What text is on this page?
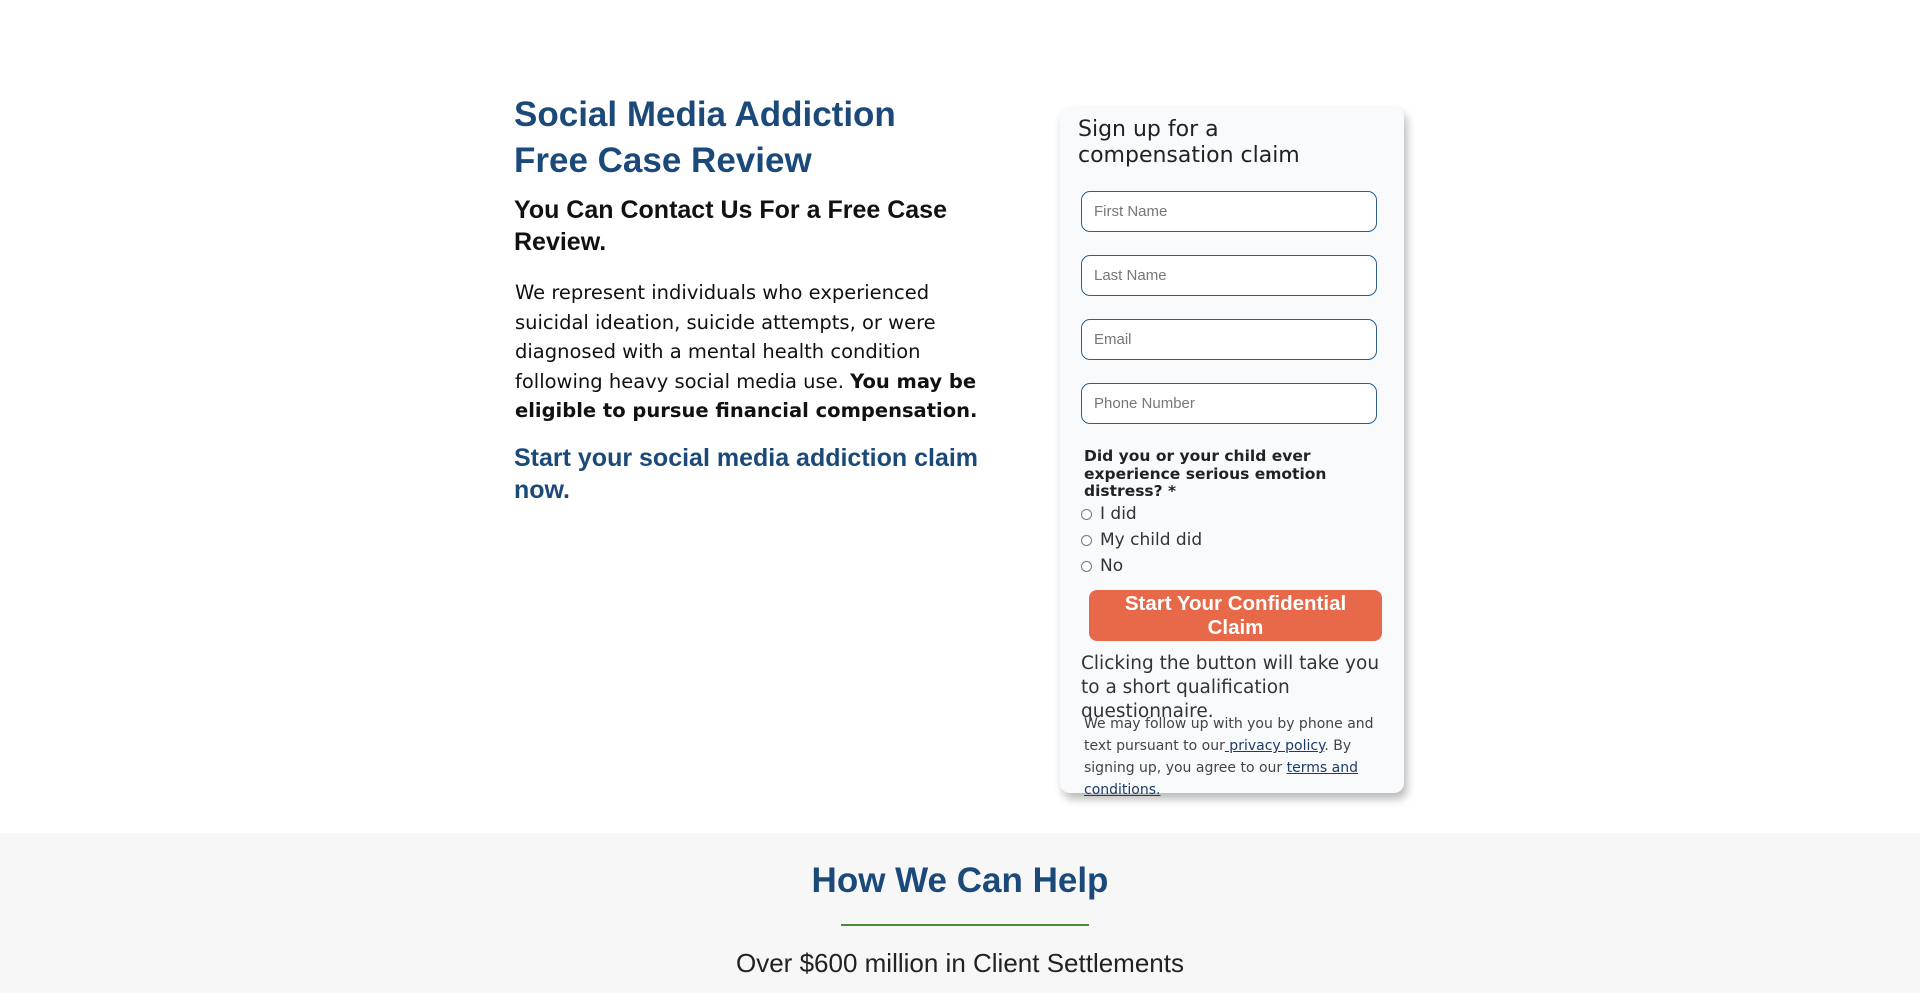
Social Media Addiction
Free Case Review
You Can Contact Us For a Free Case Review.

We represent individuals who experienced suicidal ideation, suicide attempts, or were diagnosed with a mental health condition following heavy social media use. You may be eligible to pursue financial compensation.

Start your social media addiction claim now.
Sign up for a compensation claim
First Name
Last Name
Email
Phone Number

Did you or your child ever experience serious emotion distress? *

I did
My child did
No
Start Your Confidential Claim

Clicking the button will take you to a short qualification questionnaire.

We may follow up with you by phone and text pursuant to our privacy policy. By signing up, you agree to our terms and conditions.

How We Can Help
Over $600 million in Client Settlements
